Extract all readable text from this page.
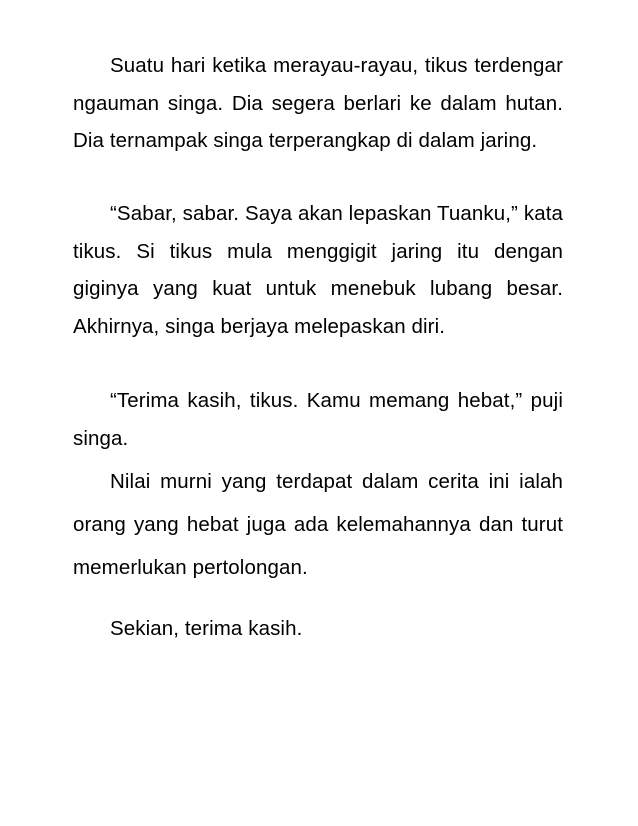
Suatu hari ketika merayau-rayau, tikus terdengar ngauman singa. Dia segera berlari ke dalam hutan. Dia ternampak singa terperangkap di dalam jaring.

“Sabar, sabar. Saya akan lepaskan Tuanku,” kata tikus. Si tikus mula menggigit jaring itu dengan giginya yang kuat untuk menebuk lubang besar. Akhirnya, singa berjaya melepaskan diri.

“Terima kasih, tikus. Kamu memang hebat,” puji singa.

Nilai murni yang terdapat dalam cerita ini ialah orang yang hebat juga ada kelemahannya dan turut memerlukan pertolongan.

Sekian, terima kasih.
